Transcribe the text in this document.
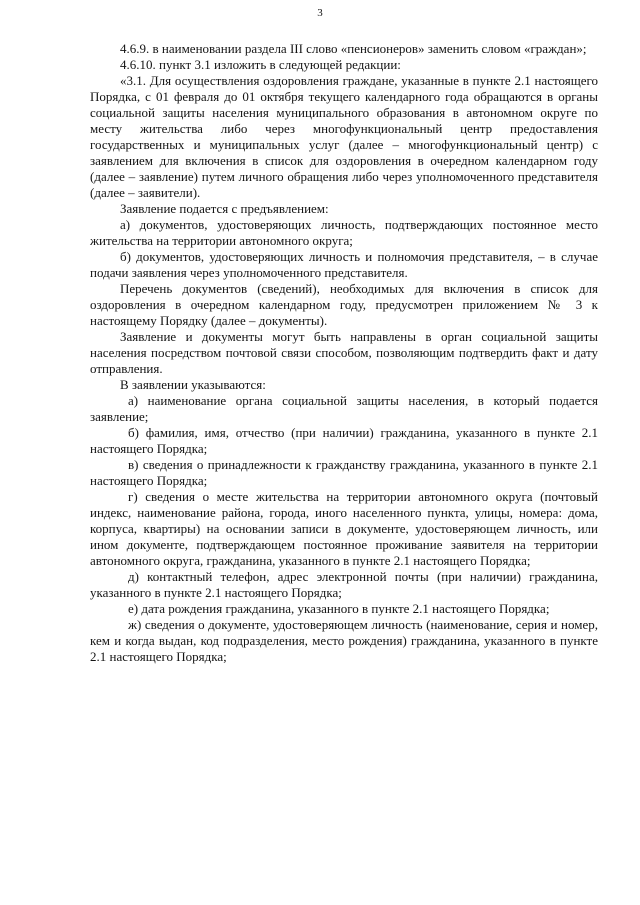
3

4.6.9. в наименовании раздела III слово «пенсионеров» заменить словом «граждан»;

4.6.10. пункт 3.1 изложить в следующей редакции:

«3.1. Для осуществления оздоровления граждане, указанные в пункте 2.1 настоящего Порядка, с 01 февраля до 01 октября текущего календарного года обращаются в органы социальной защиты населения муниципального образования в автономном округе по месту жительства либо через многофункциональный центр предоставления государственных и муниципальных услуг (далее – многофункциональный центр) с заявлением для включения в список для оздоровления в очередном календарном году (далее – заявление) путем личного обращения либо через уполномоченного представителя (далее – заявители).

Заявление подается с предъявлением:

а) документов, удостоверяющих личность, подтверждающих постоянное место жительства на территории автономного округа;

б) документов, удостоверяющих личность и полномочия представителя, – в случае подачи заявления через уполномоченного представителя.

Перечень документов (сведений), необходимых для включения в список для оздоровления в очередном календарном году, предусмотрен приложением № 3 к настоящему Порядку (далее – документы).

Заявление и документы могут быть направлены в орган социальной защиты населения посредством почтовой связи способом, позволяющим подтвердить факт и дату отправления.

В заявлении указываются:

а) наименование органа социальной защиты населения, в который подается заявление;

б) фамилия, имя, отчество (при наличии) гражданина, указанного в пункте 2.1 настоящего Порядка;

в) сведения о принадлежности к гражданству гражданина, указанного в пункте 2.1 настоящего Порядка;

г) сведения о месте жительства на территории автономного округа (почтовый индекс, наименование района, города, иного населенного пункта, улицы, номера: дома, корпуса, квартиры) на основании записи в документе, удостоверяющем личность, или ином документе, подтверждающем постоянное проживание заявителя на территории автономного округа, гражданина, указанного в пункте 2.1 настоящего Порядка;

д) контактный телефон, адрес электронной почты (при наличии) гражданина, указанного в пункте 2.1 настоящего Порядка;

е) дата рождения гражданина, указанного в пункте 2.1 настоящего Порядка;

ж) сведения о документе, удостоверяющем личность (наименование, серия и номер, кем и когда выдан, код подразделения, место рождения) гражданина, указанного в пункте 2.1 настоящего Порядка;
